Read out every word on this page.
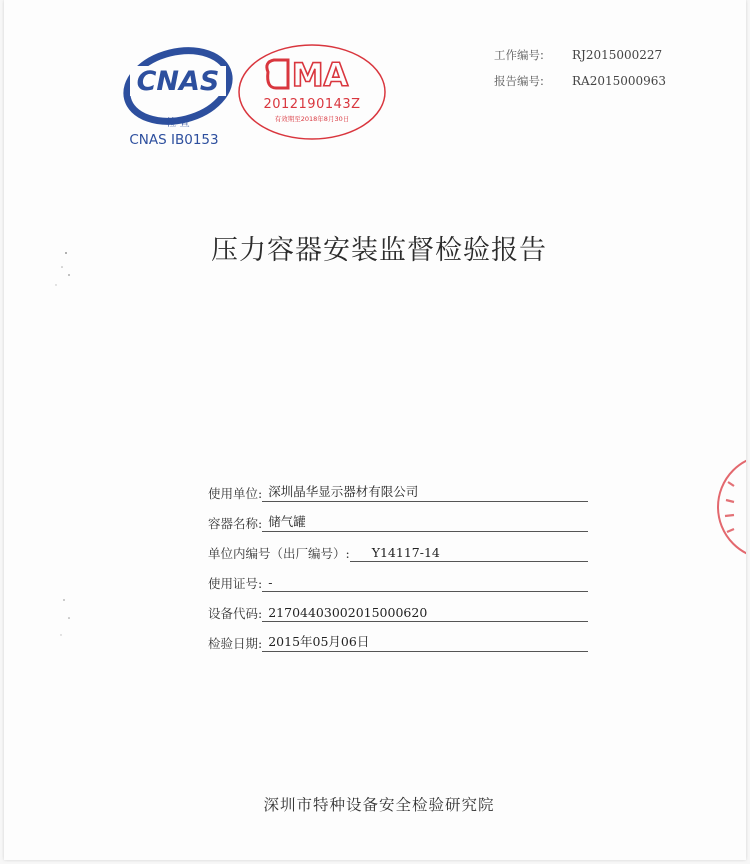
CNAS
检 查
CNAS IB0153
MA
2012190143Z
有效期至2018年8月30日
工作编号:	RJ2015000227
报告编号:	RA2015000963
压力容器安装监督检验报告
使用单位: 深圳晶华显示器材有限公司
容器名称: 储气罐
单位内编号（出厂编号）:	Y14117-14
使用证号: -
设备代码: 21704403002015000620
检验日期: 2015年05月06日
深圳市特种设备安全检验研究院
